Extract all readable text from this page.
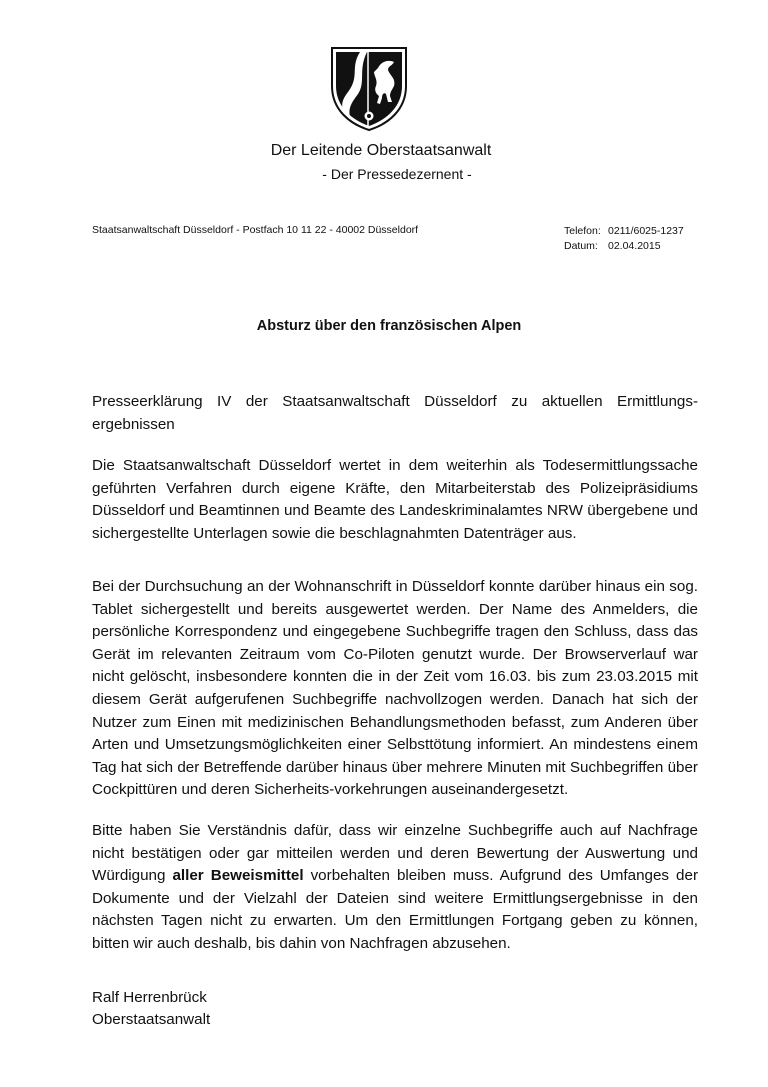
Der Leitende Oberstaatsanwalt
- Der Pressedezernent -
Staatsanwaltschaft Düsseldorf - Postfach 10 11 22 - 40002 Düsseldorf	Telefon: 0211/6025-1237
Datum: 02.04.2015
Absturz über den französischen Alpen

Presseerklärung IV der Staatsanwaltschaft Düsseldorf zu aktuellen Ermittlungs-ergebnissen

Die Staatsanwaltschaft Düsseldorf wertet in dem weiterhin als Todesermittlungssache geführten Verfahren durch eigene Kräfte, den Mitarbeiterstab des Polizeipräsidiums Düsseldorf und Beamtinnen und Beamte des Landeskriminalamtes NRW übergebene und sichergestellte Unterlagen sowie die beschlagnahmten Datenträger aus.

Bei der Durchsuchung an der Wohnanschrift in Düsseldorf konnte darüber hinaus ein sog. Tablet sichergestellt und bereits ausgewertet werden. Der Name des Anmelders, die persönliche Korrespondenz und eingegebene Suchbegriffe tragen den Schluss, dass das Gerät im relevanten Zeitraum vom Co-Piloten genutzt wurde. Der Browserverlauf war nicht gelöscht, insbesondere konnten die in der Zeit vom 16.03. bis zum 23.03.2015 mit diesem Gerät aufgerufenen Suchbegriffe nachvollzogen werden. Danach hat sich der Nutzer zum Einen mit medizinischen Behandlungsmethoden befasst, zum Anderen über Arten und Umsetzungsmöglichkeiten einer Selbsttötung informiert. An mindestens einem Tag hat sich der Betreffende darüber hinaus über mehrere Minuten mit Suchbegriffen über Cockpittüren und deren Sicherheits-vorkehrungen auseinandergesetzt.

Bitte haben Sie Verständnis dafür, dass wir einzelne Suchbegriffe auch auf Nachfrage nicht bestätigen oder gar mitteilen werden und deren Bewertung der Auswertung und Würdigung aller Beweismittel vorbehalten bleiben muss. Aufgrund des Umfanges der Dokumente und der Vielzahl der Dateien sind weitere Ermittlungsergebnisse in den nächsten Tagen nicht zu erwarten. Um den Ermittlungen Fortgang geben zu können, bitten wir auch deshalb, bis dahin von Nachfragen abzusehen.

Ralf Herrenbrück
Oberstaatsanwalt
